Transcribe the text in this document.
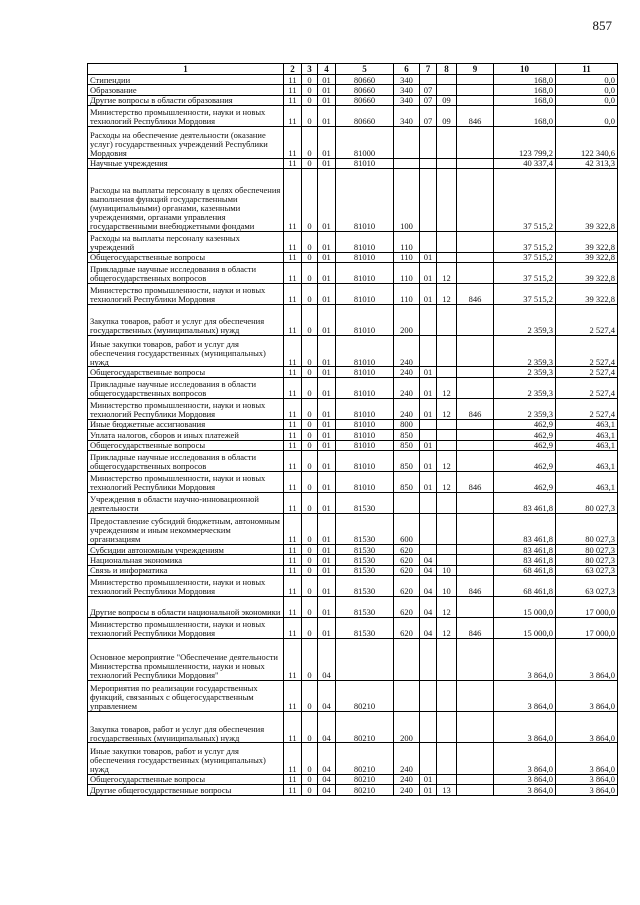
857
1	2	3	4	5	6	7	8	9	10	11
Стипендии	11	0	01	80660	340				168,0	0,0
Образование	11	0	01	80660	340	07			168,0	0,0
Другие вопросы в области образования	11	0	01	80660	340	07	09		168,0	0,0
Министерство промышленности, науки и новых технологий Республики Мордовия	11	0	01	80660	340	07	09	846	168,0	0,0
Расходы на обеспечение деятельности (оказание услуг) государственных учреждений Республики Мордовия	11	0	01	81000					123 799,2	122 340,6
Научные учреждения	11	0	01	81010					40 337,4	42 313,3
Расходы на выплаты персоналу в целях обеспечения выполнения функций государственными (муниципальными) органами, казенными учреждениями, органами управления государственными внебюджетными фондами	11	0	01	81010	100				37 515,2	39 322,8
Расходы на выплаты персоналу казенных учреждений	11	0	01	81010	110				37 515,2	39 322,8
Общегосударственные вопросы	11	0	01	81010	110	01			37 515,2	39 322,8
Прикладные научные исследования в области общегосударственных вопросов	11	0	01	81010	110	01	12		37 515,2	39 322,8
Министерство промышленности, науки и новых технологий Республики Мордовия	11	0	01	81010	110	01	12	846	37 515,2	39 322,8
Закупка товаров, работ и услуг для обеспечения государственных (муниципальных) нужд	11	0	01	81010	200				2 359,3	2 527,4
Иные закупки товаров, работ и услуг для обеспечения государственных (муниципальных) нужд	11	0	01	81010	240				2 359,3	2 527,4
Общегосударственные вопросы	11	0	01	81010	240	01			2 359,3	2 527,4
Прикладные научные исследования в области общегосударственных вопросов	11	0	01	81010	240	01	12		2 359,3	2 527,4
Министерство промышленности, науки и новых технологий Республики Мордовия	11	0	01	81010	240	01	12	846	2 359,3	2 527,4
Иные бюджетные ассигнования	11	0	01	81010	800				462,9	463,1
Уплата налогов, сборов и иных платежей	11	0	01	81010	850				462,9	463,1
Общегосударственные вопросы	11	0	01	81010	850	01			462,9	463,1
Прикладные научные исследования в области общегосударственных вопросов	11	0	01	81010	850	01	12		462,9	463,1
Министерство промышленности, науки и новых технологий Республики Мордовия	11	0	01	81010	850	01	12	846	462,9	463,1
Учреждения в области научно-инновационной деятельности	11	0	01	81530					83 461,8	80 027,3
Предоставление субсидий бюджетным, автономным учреждениям и иным некоммерческим организациям	11	0	01	81530	600				83 461,8	80 027,3
Субсидии автономным учреждениям	11	0	01	81530	620				83 461,8	80 027,3
Национальная экономика	11	0	01	81530	620	04			83 461,8	80 027,3
Связь и информатика	11	0	01	81530	620	04	10		68 461,8	63 027,3
Министерство промышленности, науки и новых технологий Республики Мордовия	11	0	01	81530	620	04	10	846	68 461,8	63 027,3
Другие вопросы в области национальной экономики	11	0	01	81530	620	04	12		15 000,0	17 000,0
Министерство промышленности, науки и новых технологий Республики Мордовия	11	0	01	81530	620	04	12	846	15 000,0	17 000,0
Основное мероприятие "Обеспечение деятельности Министерства промышленности, науки и новых технологий Республики Мордовия"	11	0	04						3 864,0	3 864,0
Мероприятия по реализации государственных функций, связанных с общегосударственным управлением	11	0	04	80210					3 864,0	3 864,0
Закупка товаров, работ и услуг для обеспечения государственных (муниципальных) нужд	11	0	04	80210	200				3 864,0	3 864,0
Иные закупки товаров, работ и услуг для обеспечения государственных (муниципальных) нужд	11	0	04	80210	240				3 864,0	3 864,0
Общегосударственные вопросы	11	0	04	80210	240	01			3 864,0	3 864,0
Другие общегосударственные вопросы	11	0	04	80210	240	01	13		3 864,0	3 864,0
